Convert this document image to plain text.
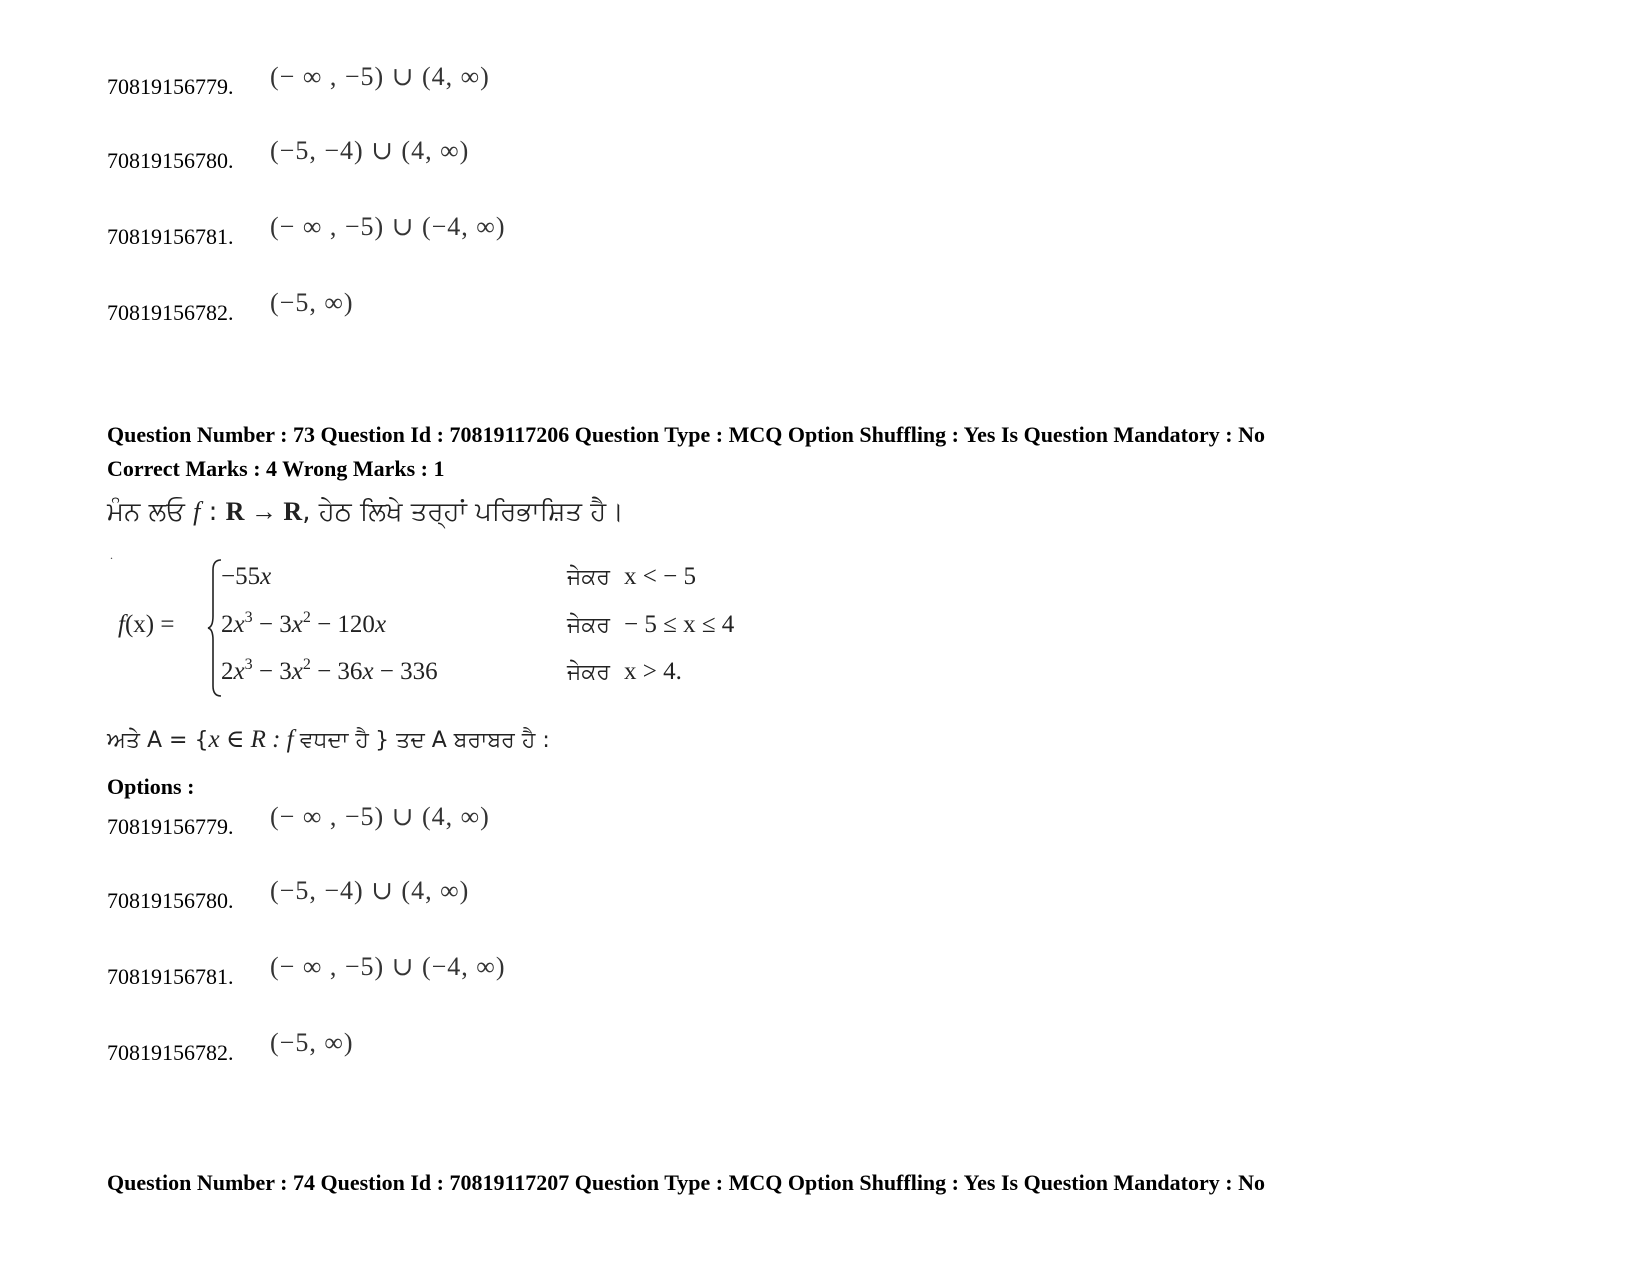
70819156779. (− ∞ , −5) ∪ (4, ∞)
70819156780. (−5, −4) ∪ (4, ∞)
70819156781. (− ∞ , −5) ∪ (−4, ∞)
70819156782. (−5, ∞)
Question Number : 73 Question Id : 70819117206 Question Type : MCQ Option Shuffling : Yes Is Question Mandatory : No
Correct Marks : 4 Wrong Marks : 1
ਮੰਨ ਲਓ f : R → R, ਹੇਠ ਲਿਖੇ ਤਰ੍ਹਾਂ ਪਰਿਭਾਸ਼ਿਤ ਹੈ।
.
f(x) =
−55x
$2x^3 - 3x^2 - 120x$
$2x^3 - 3x^2 - 36x - 336$
ਜੇਕਰ x < − 5
ਜੇਕਰ − 5 ≤ x ≤ 4
ਜੇਕਰ x > 4.
ਅਤੇ A = {x ∈ R : f ਵਧਦਾ ਹੈ } ਤਦ A ਬਰਾਬਰ ਹੈ :
Options :
70819156779. (− ∞ , −5) ∪ (4, ∞)
70819156780. (−5, −4) ∪ (4, ∞)
70819156781. (− ∞ , −5) ∪ (−4, ∞)
70819156782. (−5, ∞)
Question Number : 74 Question Id : 70819117207 Question Type : MCQ Option Shuffling : Yes Is Question Mandatory : No
